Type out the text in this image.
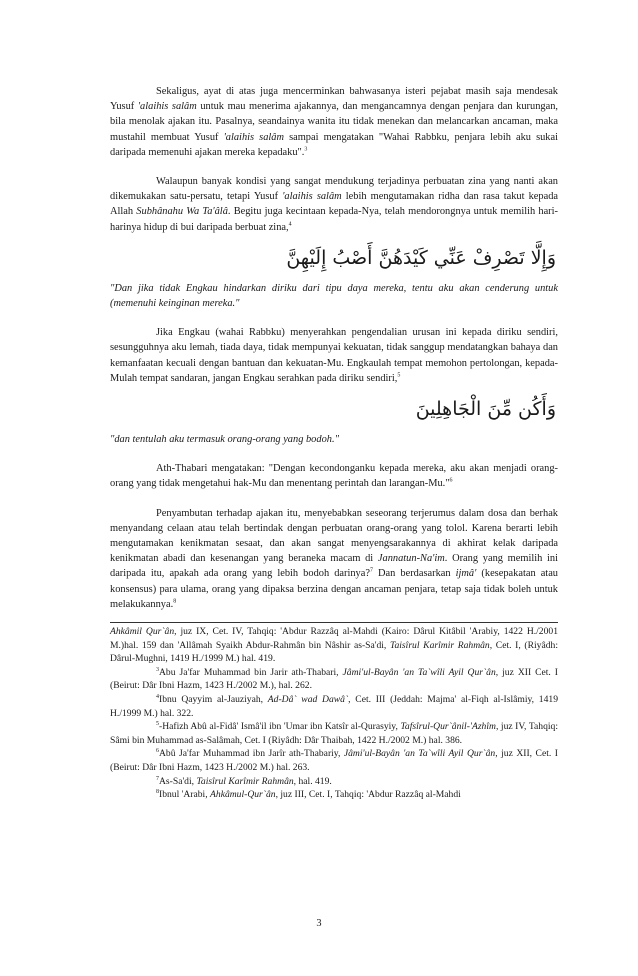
Sekaligus, ayat di atas juga mencerminkan bahwasanya isteri pejabat masih saja mendesak Yusuf 'alaihis salâm untuk mau menerima ajakannya, dan mengancamnya dengan penjara dan kurungan, bila menolak ajakan itu. Pasalnya, seandainya wanita itu tidak menekan dan melancarkan ancaman, maka mustahil membuat Yusuf 'alaihis salâm sampai mengatakan "Wahai Rabbku, penjara lebih aku sukai daripada memenuhi ajakan mereka kepadaku".$^3$

Walaupun banyak kondisi yang sangat mendukung terjadinya perbuatan zina yang nanti akan dikemukakan satu-persatu, tetapi Yusuf 'alaihis salâm lebih mengutamakan ridha dan rasa takut kepada Allah Subhânahu Wa Ta'âlâ. Begitu juga kecintaan kepada-Nya, telah mendorongnya untuk memilih hari-harinya hidup di bui daripada berbuat zina,$^4$

وَإِلَّا تَصْرِفْ عَنِّي كَيْدَهُنَّ أَصْبُ إِلَيْهِنَّ

"Dan jika tidak Engkau hindarkan diriku dari tipu daya mereka, tentu aku akan cenderung untuk (memenuhi keinginan mereka."

Jika Engkau (wahai Rabbku) menyerahkan pengendalian urusan ini kepada diriku sendiri, sesungguhnya aku lemah, tiada daya, tidak mempunyai kekuatan, tidak sanggup mendatangkan bahaya dan kemanfaatan kecuali dengan bantuan dan kekuatan-Mu. Engkaulah tempat memohon pertolongan, kepada-Mulah tempat sandaran, jangan Engkau serahkan pada diriku sendiri,$^5$

وَأَكُن مِّنَ الْجَاهِلِينَ

"dan tentulah aku termasuk orang-orang yang bodoh."

Ath-Thabari mengatakan: "Dengan kecondonganku kepada mereka, aku akan menjadi orang-orang yang tidak mengetahui hak-Mu dan menentang perintah dan larangan-Mu."$^6$

Penyambutan terhadap ajakan itu, menyebabkan seseorang terjerumus dalam dosa dan berhak menyandang celaan atau telah bertindak dengan perbuatan orang-orang yang tolol. Karena berarti lebih mengutamakan kenikmatan sesaat, dan akan sangat menyengsarakannya di akhirat kelak daripada kenikmatan abadi dan kesenangan yang beraneka macam di Jannatun-Na'im. Orang yang memilih ini daripada itu, apakah ada orang yang lebih bodoh darinya?$^7$ Dan berdasarkan ijmâ' (kesepakatan atau konsensus) para ulama, orang yang dipaksa berzina dengan ancaman penjara, tetap saja tidak boleh untuk melakukannya.$^8$

Ahkâmil Qur`ân, juz IX, Cet. IV, Tahqiq: 'Abdur Razzâq al-Mahdi (Kairo: Dârul Kitâbil 'Arabiy, 1422 H./2001 M.)hal. 159 dan 'Allâmah Syaikh Abdur-Rahmân bin Nâshir as-Sa'di, Taisîrul Karîmir Rahmân, Cet. I, (Riyâdh: Dârul-Mughni, 1419 H./1999 M.) hal. 419.

$^3$Abu Ja'far Muhammad bin Jarir ath-Thabari, Jâmi'ul-Bayân 'an Ta`wîli Ayil Qur`ân, juz XII Cet. I (Beirut: Dâr Ibni Hazm, 1423 H./2002 M.), hal. 262.

$^4$Ibnu Qayyim al-Jauziyah, Ad-Dâ` wad Dawâ`, Cet. III (Jeddah: Majma' al-Fiqh al-Islâmiy, 1419 H./1999 M.) hal. 322.

$^5$-Hafizh Abû al-Fidâ' Ismâ'il ibn 'Umar ibn Katsîr al-Qurasyiy, Tafsîrul-Qur`ânil-'Azhîm, juz IV, Tahqiq: Sâmi bin Muhammad as-Salâmah, Cet. I (Riyâdh: Dâr Thaibah, 1422 H./2002 M.) hal. 386.

$^6$Abû Ja'far Muhammad ibn Jarîr ath-Thabariy, Jâmi'ul-Bayân 'an Ta`wîli Ayil Qur`ân, juz XII, Cet. I (Beirut: Dâr Ibni Hazm, 1423 H./2002 M.) hal. 263.

$^7$As-Sa'di, Taisîrul Karîmir Rahmân, hal. 419.

$^8$Ibnul 'Arabi, Ahkâmul-Qur`ân, juz III, Cet. I, Tahqiq: 'Abdur Razzâq al-Mahdi

3
